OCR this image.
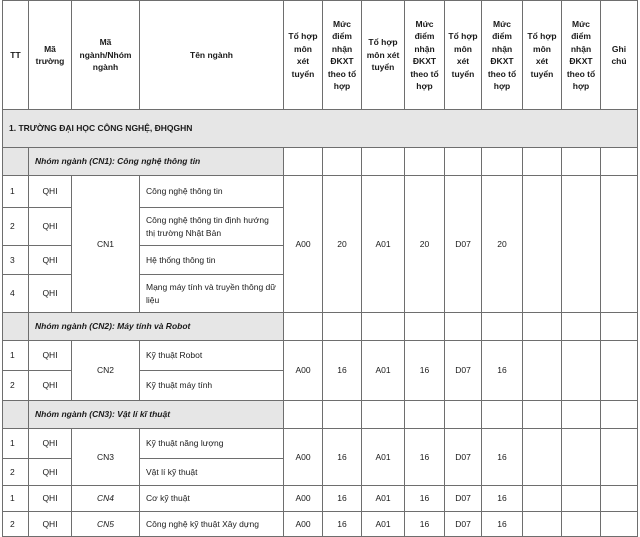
TT	Mã trường	Mã ngành/Nhóm ngành	Tên ngành	Tổ hợp môn xét tuyển	Mức điểm nhận ĐKXT theo tổ hợp	Tổ hợp môn xét tuyển	Mức điểm nhận ĐKXT theo tổ hợp	Tổ hợp môn xét tuyển	Mức điểm nhận ĐKXT theo tổ hợp	Tổ hợp môn xét tuyển	Mức điểm nhận ĐKXT theo tổ hợp	Ghi chú
1. TRƯỜNG ĐẠI HỌC CÔNG NGHỆ, ĐHQGHN												
	Nhóm ngành (CN1): Công nghệ thông tin											
1	QHI	CN1	Công nghệ thông tin	A00	20	A01	20	D07	20			
2	QHI		Công nghệ thông tin định hướng thị trường Nhật Bản									
3	QHI		Hệ thống thông tin									
4	QHI		Mạng máy tính và truyền thông dữ liệu									
	Nhóm ngành (CN2): Máy tính và Robot											
1	QHI	CN2	Kỹ thuật Robot	A00	16	A01	16	D07	16			
2	QHI		Kỹ thuật máy tính									
	Nhóm ngành (CN3): Vật lí kĩ thuật											
1	QHI	CN3	Kỹ thuật năng lượng	A00	16	A01	16	D07	16			
2	QHI		Vật lí kỹ thuật									
1	QHI	CN4	Cơ kỹ thuật	A00	16	A01	16	D07	16			
2	QHI	CN5	Công nghệ kỹ thuật Xây dựng	A00	16	A01	16	D07	16			
